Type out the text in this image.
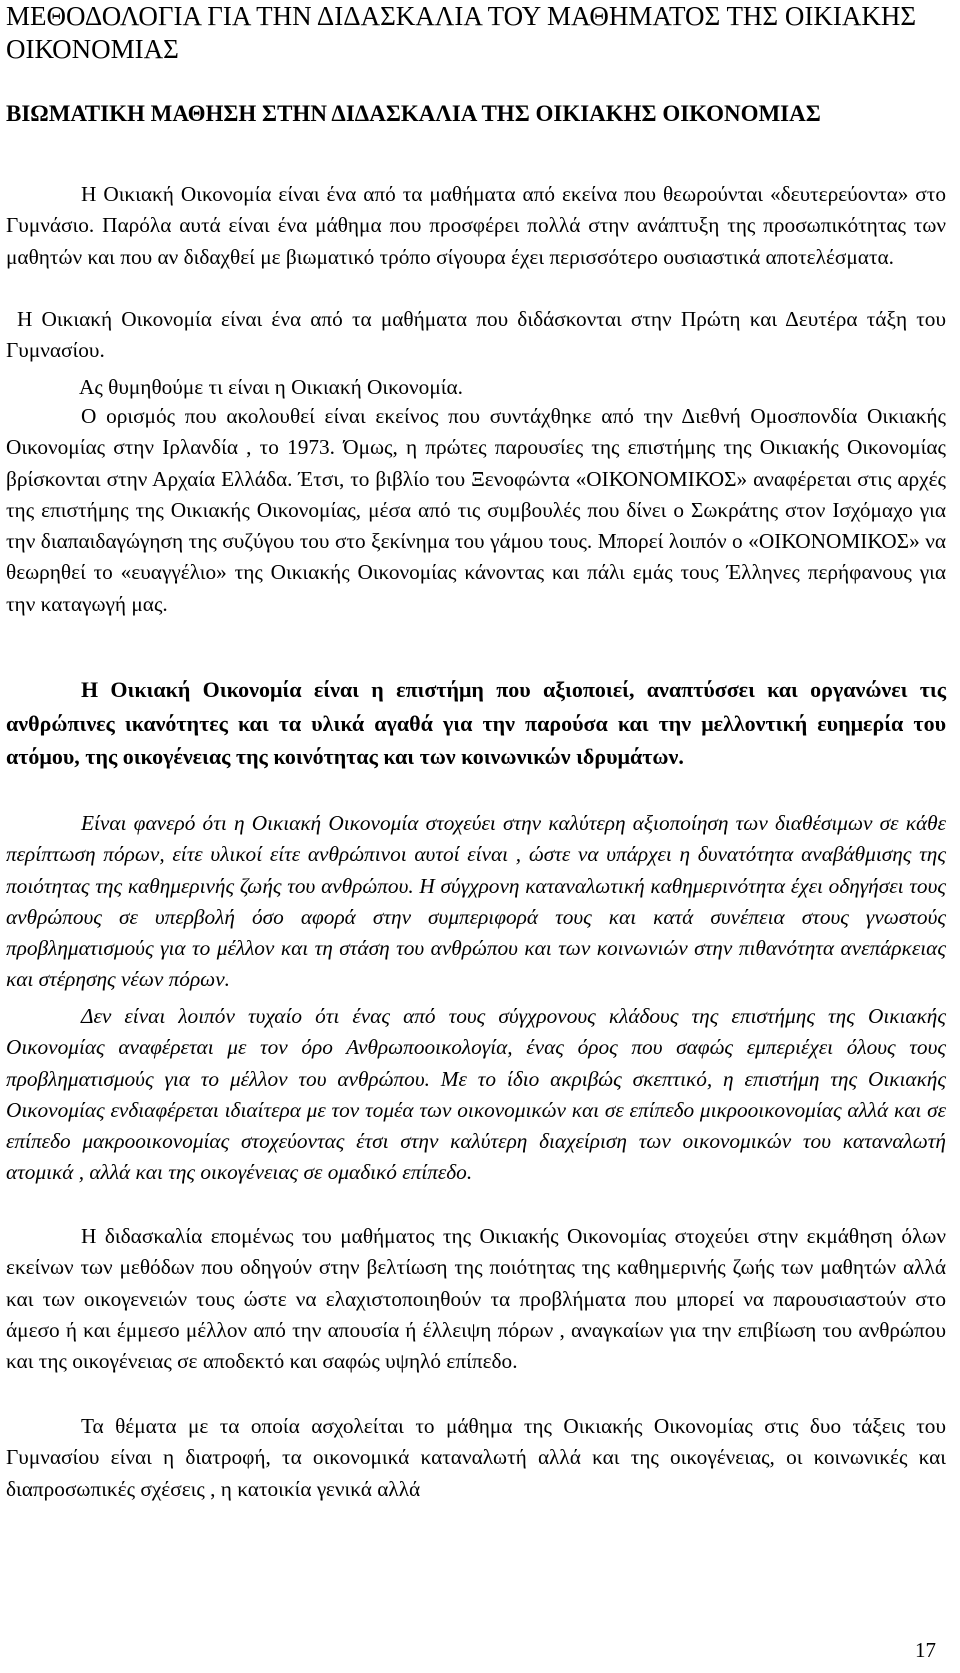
ΜΕΘΟΔΟΛΟΓΙΑ ΓΙΑ ΤΗΝ ΔΙΔΑΣΚΑΛΙΑ ΤΟΥ ΜΑΘΗΜΑΤΟΣ ΤΗΣ ΟΙΚΙΑΚΗΣ ΟΙΚΟΝΟΜΙΑΣ
ΒΙΩΜΑΤΙΚΗ ΜΑΘΗΣΗ ΣΤΗΝ ΔΙΔΑΣΚΑΛΙΑ ΤΗΣ ΟΙΚΙΑΚΗΣ ΟΙΚΟΝΟΜΙΑΣ

Η Οικιακή Οικονομία είναι ένα από τα μαθήματα από εκείνα που θεωρούνται «δευτερεύοντα» στο Γυμνάσιο. Παρόλα αυτά είναι ένα μάθημα που προσφέρει πολλά στην ανάπτυξη της προσωπικότητας των μαθητών και που αν διδαχθεί με βιωματικό τρόπο σίγουρα έχει περισσότερο ουσιαστικά αποτελέσματα.

Η Οικιακή Οικονομία είναι ένα από τα μαθήματα που διδάσκονται στην Πρώτη και Δευτέρα τάξη του Γυμνασίου.

Ας θυμηθούμε τι είναι η Οικιακή Οικονομία.

Ο ορισμός που ακολουθεί είναι εκείνος που συντάχθηκε από την Διεθνή Ομοσπονδία Οικιακής Οικονομίας στην Ιρλανδία , το 1973. Όμως, η πρώτες παρουσίες της επιστήμης της Οικιακής Οικονομίας βρίσκονται στην Αρχαία Ελλάδα. Έτσι, το βιβλίο του Ξενοφώντα «ΟΙΚΟΝΟΜΙΚΟΣ» αναφέρεται στις αρχές της επιστήμης της Οικιακής Οικονομίας, μέσα από τις συμβουλές που δίνει ο Σωκράτης στον Ισχόμαχο για την διαπαιδαγώγηση της συζύγου του στο ξεκίνημα του γάμου τους. Μπορεί λοιπόν ο «ΟΙΚΟΝΟΜΙΚΟΣ» να θεωρηθεί το «ευαγγέλιο» της Οικιακής Οικονομίας κάνοντας και πάλι εμάς τους Έλληνες περήφανους για την καταγωγή μας.

Η Οικιακή Οικονομία είναι η επιστήμη που αξιοποιεί, αναπτύσσει και οργανώνει τις ανθρώπινες ικανότητες και τα υλικά αγαθά για την παρούσα και την μελλοντική ευημερία του ατόμου, της οικογένειας της κοινότητας και των κοινωνικών ιδρυμάτων.

Είναι φανερό ότι η Οικιακή Οικονομία στοχεύει στην καλύτερη αξιοποίηση των διαθέσιμων σε κάθε περίπτωση πόρων, είτε υλικοί είτε ανθρώπινοι αυτοί είναι , ώστε να υπάρχει η δυνατότητα αναβάθμισης της ποιότητας της καθημερινής ζωής του ανθρώπου. Η σύγχρονη καταναλωτική καθημερινότητα έχει οδηγήσει τους ανθρώπους σε υπερβολή όσο αφορά στην συμπεριφορά τους και κατά συνέπεια στους γνωστούς προβληματισμούς για το μέλλον και τη στάση του ανθρώπου και των κοινωνιών στην πιθανότητα ανεπάρκειας και στέρησης νέων πόρων.

Δεν είναι λοιπόν τυχαίο ότι ένας από τους σύγχρονους κλάδους της επιστήμης της Οικιακής Οικονομίας αναφέρεται με τον όρο Ανθρωποοικολογία, ένας όρος που σαφώς εμπεριέχει όλους τους προβληματισμούς για το μέλλον του ανθρώπου. Με το ίδιο ακριβώς σκεπτικό, η επιστήμη της Οικιακής Οικονομίας ενδιαφέρεται ιδιαίτερα με τον τομέα των οικονομικών και σε επίπεδο μικροοικονομίας αλλά και σε επίπεδο μακροοικονομίας στοχεύοντας έτσι στην καλύτερη διαχείριση των οικονομικών του καταναλωτή ατομικά , αλλά και της οικογένειας σε ομαδικό επίπεδο.

Η διδασκαλία επομένως του μαθήματος της Οικιακής Οικονομίας στοχεύει στην εκμάθηση όλων εκείνων των μεθόδων που οδηγούν στην βελτίωση της ποιότητας της καθημερινής ζωής των μαθητών αλλά και των οικογενειών τους ώστε να ελαχιστοποιηθούν τα προβλήματα που μπορεί να παρουσιαστούν στο άμεσο ή και έμμεσο μέλλον από την απουσία ή έλλειψη πόρων , αναγκαίων για την επιβίωση του ανθρώπου και της οικογένειας σε αποδεκτό και σαφώς υψηλό επίπεδο.

Τα θέματα με τα οποία ασχολείται το μάθημα της Οικιακής Οικονομίας στις δυο τάξεις του Γυμνασίου είναι η διατροφή, τα οικονομικά καταναλωτή αλλά και της οικογένειας, οι κοινωνικές και διαπροσωπικές σχέσεις , η κατοικία γενικά αλλά

17
